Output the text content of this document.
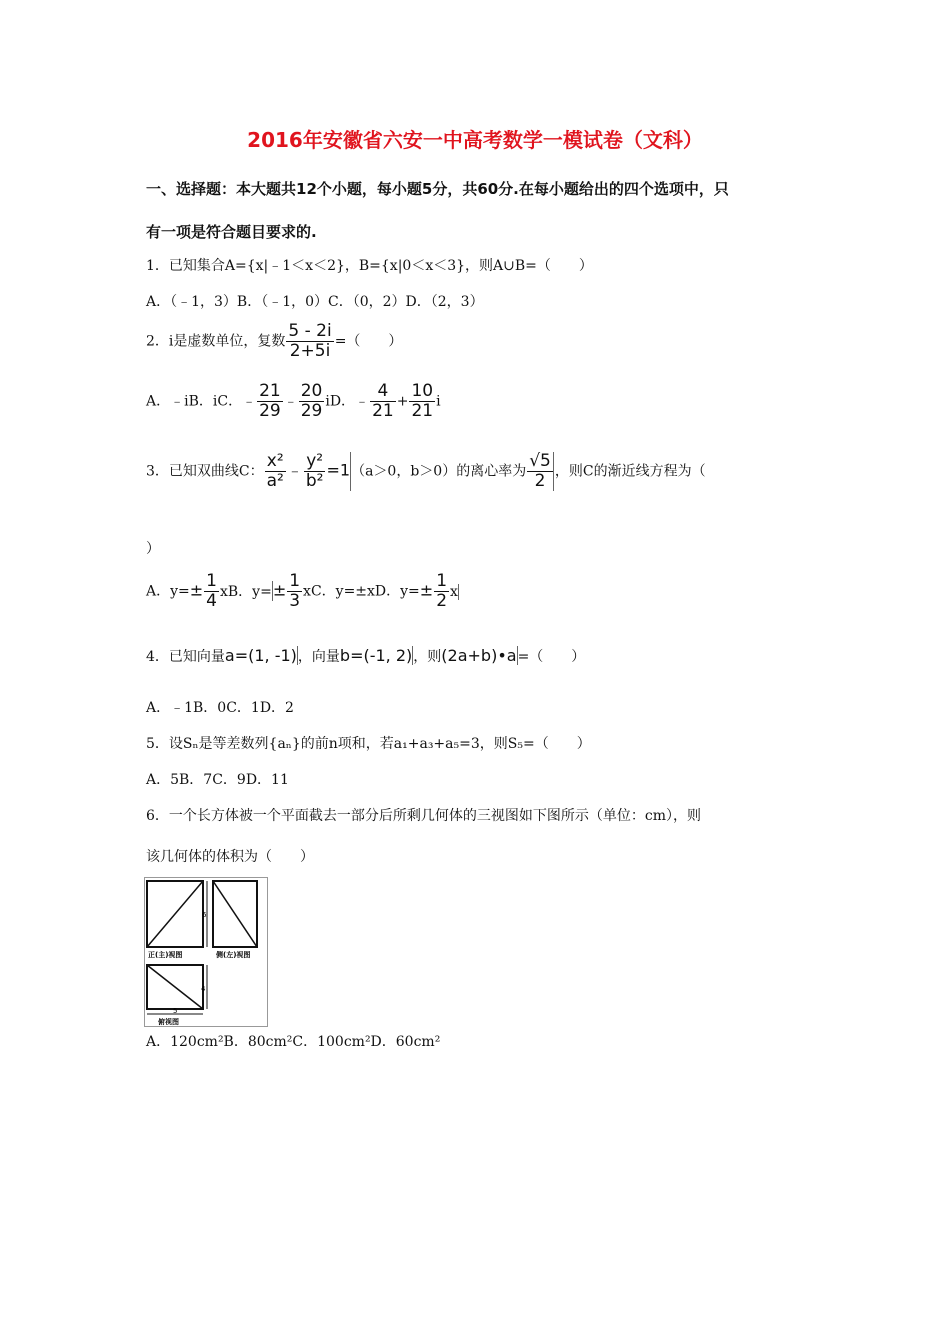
2016年安徽省六安一中高考数学一模试卷（文科）
一、选择题：本大题共12个小题，每小题5分，共60分.在每小题给出的四个选项中，只
有一项是符合题目要求的.
1．已知集合A={x|﹣1＜x＜2}，B={x|0＜x＜3}，则A∪B=（　　）
A．（﹣1，3）B．（﹣1，0）C．（0，2）D．（2，3）
2．i是虚数单位，复数 $\frac{5 - 2i}{2+5i}$ =（　　）
A．﹣iB．iC．﹣ $\frac{21}{29}$ ﹣ $\frac{20}{29}$ iD．﹣ $\frac{4}{21} + \frac{10}{21}$ i
3．已知双曲线C： $\frac{\text{x²}}{\text{a²}}$ ﹣ $\frac{\text{y²}}{\text{b²}} =1(a>0$，b＞0）的离心率为 $\frac{√5}{2}$ ，则C的渐近线方程为（
）
A．$y=\pm \frac{1}{4}$ xB．$y=\pm \frac{1}{3}$ xC．y=±xD．$y=\pm \frac{1}{2}$ x
4．已知向量a=(1, -1)，向量b=(-1, 2)，则(2a+b)•a=（　　）
A．﹣1B．0C．1D．2
5．设Sₙ是等差数列{aₙ}的前n项和，若a₁+a₃+a₅=3，则S₅=（　　）
A．5B．7C．9D．11
6．一个长方体被一个平面截去一部分后所剩几何体的三视图如下图所示（单位：cm），则
该几何体的体积为（　　）
6
正(主)视图	侧(左)视图
4
5
俯视图
A．120cm²B．80cm²C．100cm²D．60cm²
